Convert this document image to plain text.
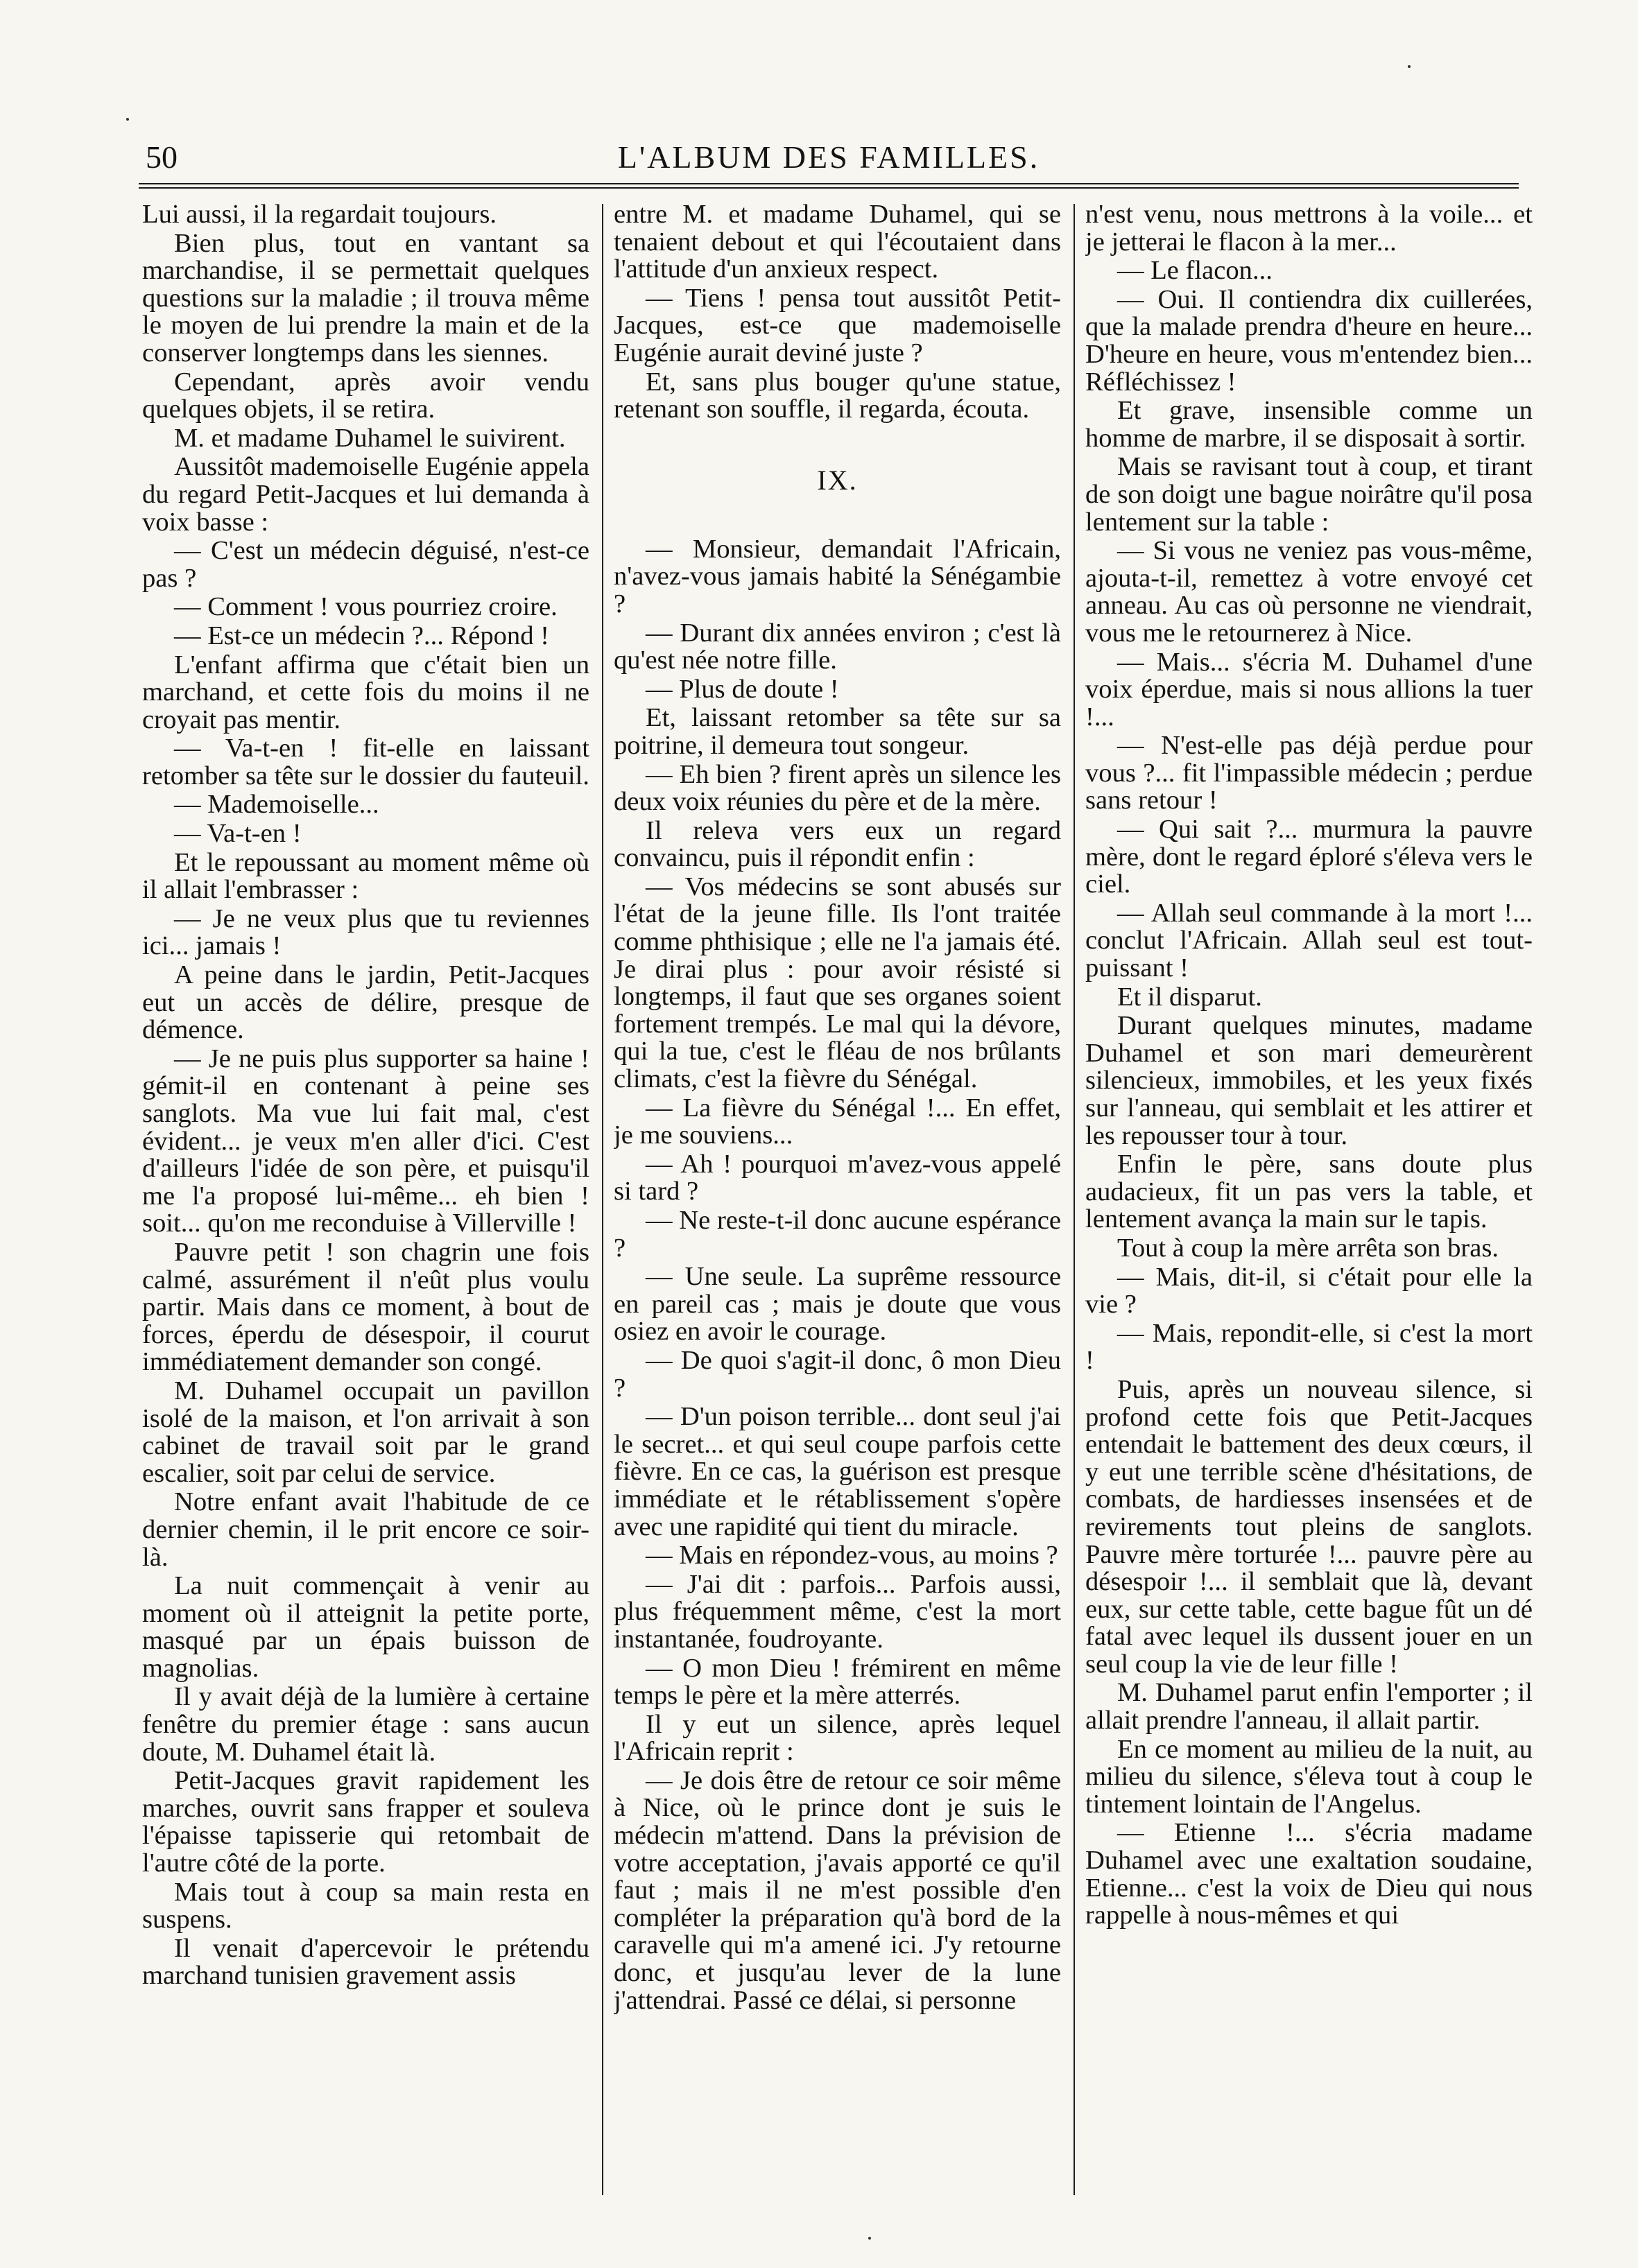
50	L'ALBUM DES FAMILLES.

Lui aussi, il la regardait toujours.

Bien plus, tout en vantant sa marchandise, il se permettait quelques questions sur la maladie ; il trouva même le moyen de lui prendre la main et de la conserver longtemps dans les siennes.

Cependant, après avoir vendu quelques objets, il se retira.

M. et madame Duhamel le suivirent.

Aussitôt mademoiselle Eugénie appela du regard Petit-Jacques et lui demanda à voix basse :

— C'est un médecin déguisé, n'est-ce pas ?

— Comment ! vous pourriez croire.

— Est-ce un médecin ?... Répond !

L'enfant affirma que c'était bien un marchand, et cette fois du moins il ne croyait pas mentir.

— Va-t-en ! fit-elle en laissant retomber sa tête sur le dossier du fauteuil.

— Mademoiselle...

— Va-t-en !

Et le repoussant au moment même où il allait l'embrasser :

— Je ne veux plus que tu reviennes ici... jamais !

A peine dans le jardin, Petit-Jacques eut un accès de délire, presque de démence.

— Je ne puis plus supporter sa haine ! gémit-il en contenant à peine ses sanglots. Ma vue lui fait mal, c'est évident... je veux m'en aller d'ici. C'est d'ailleurs l'idée de son père, et puisqu'il me l'a proposé lui-même... eh bien ! soit... qu'on me reconduise à Villerville !

Pauvre petit ! son chagrin une fois calmé, assurément il n'eût plus voulu partir. Mais dans ce moment, à bout de forces, éperdu de désespoir, il courut immédiatement demander son congé.

M. Duhamel occupait un pavillon isolé de la maison, et l'on arrivait à son cabinet de travail soit par le grand escalier, soit par celui de service.

Notre enfant avait l'habitude de ce dernier chemin, il le prit encore ce soir-là.

La nuit commençait à venir au moment où il atteignit la petite porte, masqué par un épais buisson de magnolias.

Il y avait déjà de la lumière à certaine fenêtre du premier étage : sans aucun doute, M. Duhamel était là.

Petit-Jacques gravit rapidement les marches, ouvrit sans frapper et souleva l'épaisse tapisserie qui retombait de l'autre côté de la porte.

Mais tout à coup sa main resta en suspens.

Il venait d'apercevoir le prétendu marchand tunisien gravement assis

entre M. et madame Duhamel, qui se tenaient debout et qui l'écoutaient dans l'attitude d'un anxieux respect.

— Tiens ! pensa tout aussitôt Petit-Jacques, est-ce que mademoiselle Eugénie aurait deviné juste ?

Et, sans plus bouger qu'une statue, retenant son souffle, il regarda, écouta.

IX.

— Monsieur, demandait l'Africain, n'avez-vous jamais habité la Sénégambie ?

— Durant dix années environ ; c'est là qu'est née notre fille.

— Plus de doute !

Et, laissant retomber sa tête sur sa poitrine, il demeura tout songeur.

— Eh bien ? firent après un silence les deux voix réunies du père et de la mère.

Il releva vers eux un regard convaincu, puis il répondit enfin :

— Vos médecins se sont abusés sur l'état de la jeune fille. Ils l'ont traitée comme phthisique ; elle ne l'a jamais été. Je dirai plus : pour avoir résisté si longtemps, il faut que ses organes soient fortement trempés. Le mal qui la dévore, qui la tue, c'est le fléau de nos brûlants climats, c'est la fièvre du Sénégal.

— La fièvre du Sénégal !... En effet, je me souviens...

— Ah ! pourquoi m'avez-vous appelé si tard ?

— Ne reste-t-il donc aucune espérance ?

— Une seule. La suprême ressource en pareil cas ; mais je doute que vous osiez en avoir le courage.

— De quoi s'agit-il donc, ô mon Dieu ?

— D'un poison terrible... dont seul j'ai le secret... et qui seul coupe parfois cette fièvre. En ce cas, la guérison est presque immédiate et le rétablissement s'opère avec une rapidité qui tient du miracle.

— Mais en répondez-vous, au moins ?

— J'ai dit : parfois... Parfois aussi, plus fréquemment même, c'est la mort instantanée, foudroyante.

— O mon Dieu ! frémirent en même temps le père et la mère atterrés.

Il y eut un silence, après lequel l'Africain reprit :

— Je dois être de retour ce soir même à Nice, où le prince dont je suis le médecin m'attend. Dans la prévision de votre acceptation, j'avais apporté ce qu'il faut ; mais il ne m'est possible d'en compléter la préparation qu'à bord de la caravelle qui m'a amené ici. J'y retourne donc, et jusqu'au lever de la lune j'attendrai. Passé ce délai, si personne

n'est venu, nous mettrons à la voile... et je jetterai le flacon à la mer...

— Le flacon...

— Oui. Il contiendra dix cuillerées, que la malade prendra d'heure en heure... D'heure en heure, vous m'entendez bien... Réfléchissez !

Et grave, insensible comme un homme de marbre, il se disposait à sortir.

Mais se ravisant tout à coup, et tirant de son doigt une bague noirâtre qu'il posa lentement sur la table :

— Si vous ne veniez pas vous-même, ajouta-t-il, remettez à votre envoyé cet anneau. Au cas où personne ne viendrait, vous me le retournerez à Nice.

— Mais... s'écria M. Duhamel d'une voix éperdue, mais si nous allions la tuer !...

— N'est-elle pas déjà perdue pour vous ?... fit l'impassible médecin ; perdue sans retour !

— Qui sait ?... murmura la pauvre mère, dont le regard éploré s'éleva vers le ciel.

— Allah seul commande à la mort !... conclut l'Africain. Allah seul est tout-puissant !

Et il disparut.

Durant quelques minutes, madame Duhamel et son mari demeurèrent silencieux, immobiles, et les yeux fixés sur l'anneau, qui semblait et les attirer et les repousser tour à tour.

Enfin le père, sans doute plus audacieux, fit un pas vers la table, et lentement avança la main sur le tapis.

Tout à coup la mère arrêta son bras.

— Mais, dit-il, si c'était pour elle la vie ?

— Mais, repondit-elle, si c'est la mort !

Puis, après un nouveau silence, si profond cette fois que Petit-Jacques entendait le battement des deux cœurs, il y eut une terrible scène d'hésitations, de combats, de hardiesses insensées et de revirements tout pleins de sanglots. Pauvre mère torturée !... pauvre père au désespoir !... il semblait que là, devant eux, sur cette table, cette bague fût un dé fatal avec lequel ils dussent jouer en un seul coup la vie de leur fille !

M. Duhamel parut enfin l'emporter ; il allait prendre l'anneau, il allait partir.

En ce moment au milieu de la nuit, au milieu du silence, s'éleva tout à coup le tintement lointain de l'Angelus.

— Etienne !... s'écria madame Duhamel avec une exaltation soudaine, Etienne... c'est la voix de Dieu qui nous rappelle à nous-mêmes et qui
